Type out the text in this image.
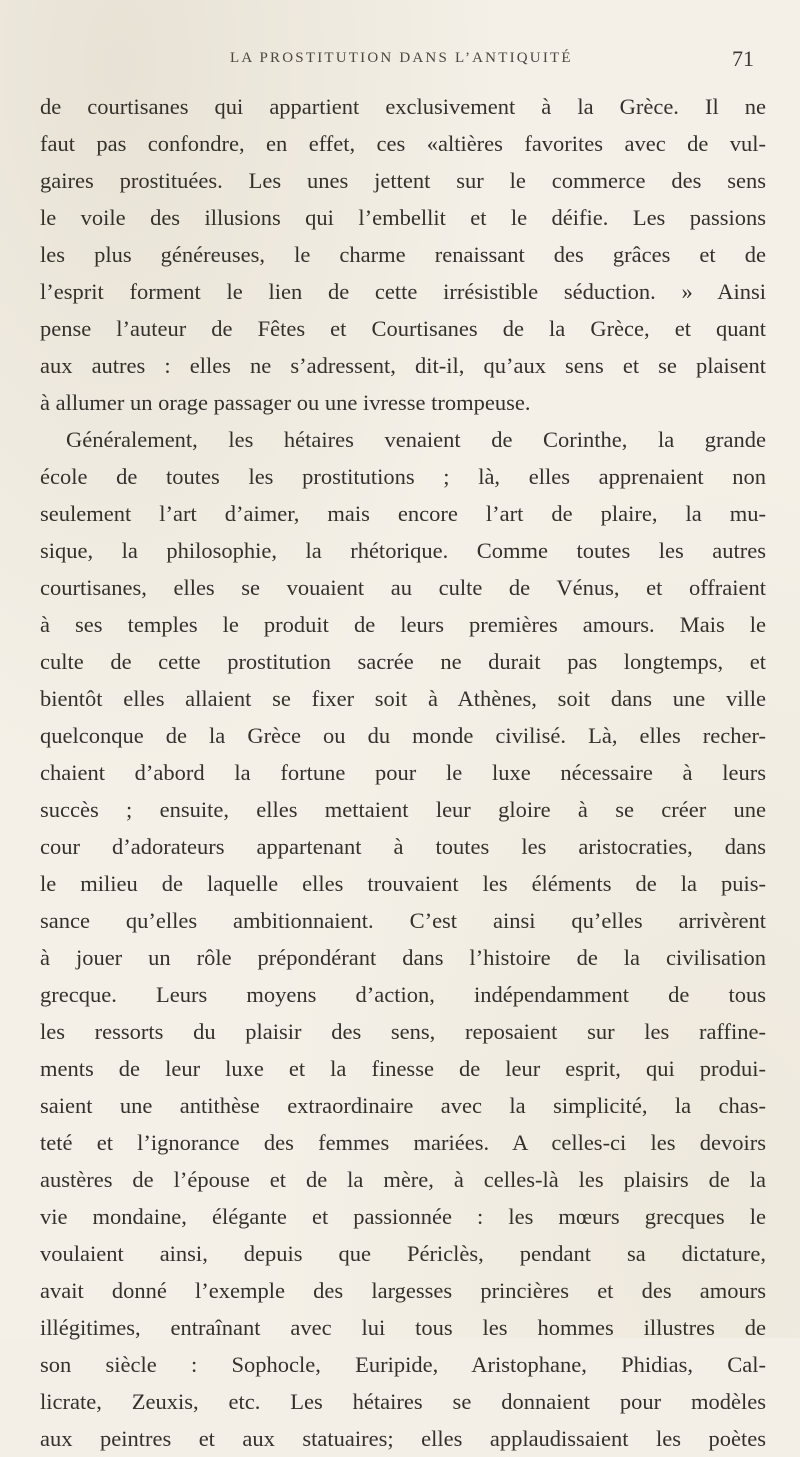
LA PROSTITUTION DANS L’ANTIQUITÉ	71
de courtisanes qui appartient exclusivement à la Grèce. Il ne
faut pas confondre, en effet, ces «altières favorites avec de vul-
gaires prostituées. Les unes jettent sur le commerce des sens
le voile des illusions qui l’embellit et le déifie. Les passions
les plus généreuses, le charme renaissant des grâces et de
l’esprit forment le lien de cette irrésistible séduction. » Ainsi
pense l’auteur de Fêtes et Courtisanes de la Grèce, et quant
aux autres : elles ne s’adressent, dit-il, qu’aux sens et se plaisent
à allumer un orage passager ou une ivresse trompeuse.
Généralement, les hétaires venaient de Corinthe, la grande
école de toutes les prostitutions ; là, elles apprenaient non
seulement l’art d’aimer, mais encore l’art de plaire, la mu-
sique, la philosophie, la rhétorique. Comme toutes les autres
courtisanes, elles se vouaient au culte de Vénus, et offraient
à ses temples le produit de leurs premières amours. Mais le
culte de cette prostitution sacrée ne durait pas longtemps, et
bientôt elles allaient se fixer soit à Athènes, soit dans une ville
quelconque de la Grèce ou du monde civilisé. Là, elles recher-
chaient d’abord la fortune pour le luxe nécessaire à leurs
succès ; ensuite, elles mettaient leur gloire à se créer une
cour d’adorateurs appartenant à toutes les aristocraties, dans
le milieu de laquelle elles trouvaient les éléments de la puis-
sance qu’elles ambitionnaient. C’est ainsi qu’elles arrivèrent
à jouer un rôle prépondérant dans l’histoire de la civilisation
grecque. Leurs moyens d’action, indépendamment de tous
les ressorts du plaisir des sens, reposaient sur les raffine-
ments de leur luxe et la finesse de leur esprit, qui produi-
saient une antithèse extraordinaire avec la simplicité, la chas-
teté et l’ignorance des femmes mariées. A celles-ci les devoirs
austères de l’épouse et de la mère, à celles-là les plaisirs de la
vie mondaine, élégante et passionnée : les mœurs grecques le
voulaient ainsi, depuis que Périclès, pendant sa dictature,
avait donné l’exemple des largesses princières et des amours
illégitimes, entraînant avec lui tous les hommes illustres de
son siècle : Sophocle, Euripide, Aristophane, Phidias, Cal-
licrate, Zeuxis, etc. Les hétaires se donnaient pour modèles
aux peintres et aux statuaires; elles applaudissaient les poètes
